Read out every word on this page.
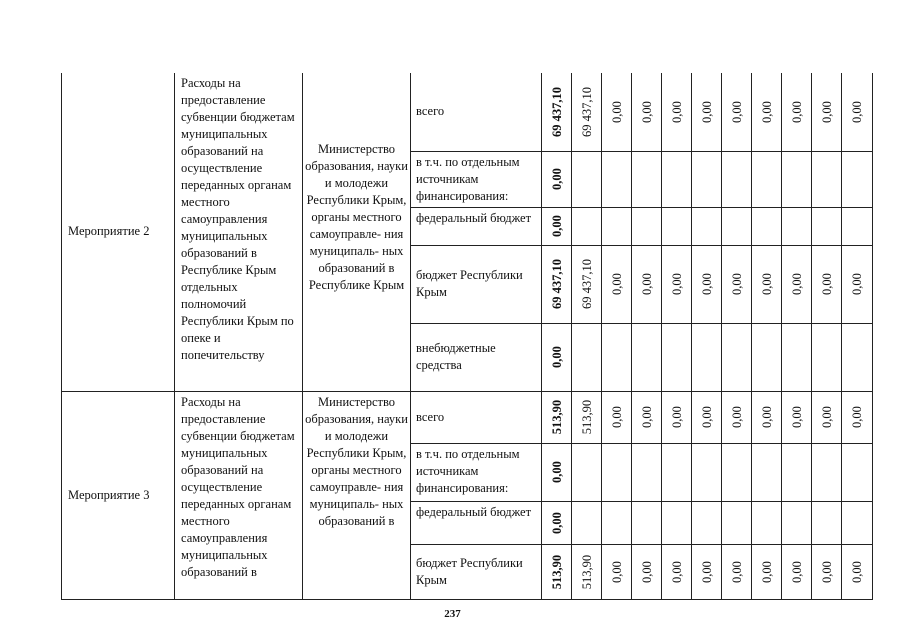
Мероприятие 2	Расходы на предоставление субвенции бюджетам муниципальных образований на осуществление переданных органам местного самоуправления муниципальных образований в Республике Крым отдельных полномочий Республики Крым по опеке и попечительству	Министерство образования, науки и молодежи Республики Крым, органы местного самоуправле- ния муниципаль- ных образований в Республике Крым	всего	69 437,10	69 437,10	0,00	0,00	0,00	0,00	0,00	0,00	0,00	0,00	0,00

			в т.ч. по отдельным источникам финансирования:	0,00										

			федеральный бюджет	0,00										

			бюджет Республики Крым	69 437,10	69 437,10	0,00	0,00	0,00	0,00	0,00	0,00	0,00	0,00	0,00

			внебюджетные средства	0,00										

Мероприятие 3	Расходы на предоставление субвенции бюджетам муниципальных образований на осуществление переданных органам местного самоуправления муниципальных образований в	Министерство образования, науки и молодежи Республики Крым, органы местного самоуправле- ния муниципаль- ных образований в	всего	513,90	513,90	0,00	0,00	0,00	0,00	0,00	0,00	0,00	0,00	0,00

			в т.ч. по отдельным источникам финансирования:	0,00										

			федеральный бюджет	0,00										

			бюджет Республики Крым	513,90	513,90	0,00	0,00	0,00	0,00	0,00	0,00	0,00	0,00	0,00
237
